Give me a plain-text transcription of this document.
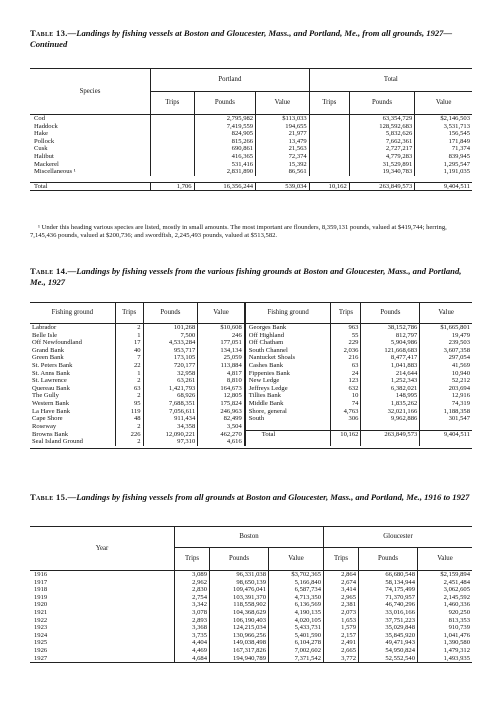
Table 13.—Landings by fishing vessels at Boston and Gloucester, Mass., and Portland, Me., from all grounds, 1927—Continued
Species	Portland			Total		
	Trips	Pounds	Value	Trips	Pounds	Value
Cod		2,795,982	$113,033		63,354,729	$2,146,503
Haddock		7,419,559	194,655		128,592,683	3,531,713
Hake		824,905	21,977		5,832,626	156,545
Pollock		815,266	13,479		7,662,361	171,849
Cusk		690,861	21,563		2,727,217	71,374
Halibut		416,365	72,374		4,779,283	839,945
Mackerel		531,416	15,392		31,529,891	1,295,547
Miscellaneous ¹		2,831,890	86,561		19,340,783	1,191,035

Total	1,706	16,356,244	539,034	10,162	263,849,573	9,404,511
¹ Under this heading various species are listed, mostly in small amounts. The most important are flounders, 8,359,131 pounds, valued at $419,744; herring, 7,145,436 pounds, valued at $200,736; and swordfish, 2,245,493 pounds, valued at $513,582.
Table 14.—Landings by fishing vessels from the various fishing grounds at Boston and Gloucester, Mass., and Portland, Me., 1927
Fishing ground	Trips	Pounds	Value	Fishing ground	Trips	Pounds	Value
Labrador	2	101,268	$10,608	Georges Bank	963	38,152,786	$1,665,801
Belle Isle	1	7,500	246	Off Highland	55	812,797	19,479
Off Newfoundland	17	4,533,284	177,051	Off Chatham	229	5,904,986	239,503
Grand Bank	40	953,717	134,134	South Channel	2,036	121,668,683	3,607,358
Green Bank	7	173,105	25,059	Nantucket Shoals	216	8,477,417	297,054
St. Peters Bank	22	720,177	113,884	Cashes Bank	63	1,041,883	41,569
St. Anns Bank	1	32,958	4,817	Fippenies Bank	24	214,644	10,940
St. Lawrence	2	63,261	8,810	New Ledge	123	1,252,343	52,212
Quereau Bank	63	1,421,793	164,673	Jeffreys Ledge	632	6,382,021	203,694
The Gully	2	68,926	12,805	Tillies Bank	10	148,995	12,916
Western Bank	95	7,688,351	175,824	Middle Bank	74	1,835,262	74,319
La Have Bank	119	7,056,611	246,963	Shore, general	4,763	32,021,166	1,188,358
Cape Shore	48	911,434	82,499	South	306	9,962,886	301,547
Roseway	2	34,358	3,504				
Browns Bank	226	12,090,221	462,270	Total	10,162	263,849,573	9,404,511
Seal Island Ground	2	97,310	4,616				

Table 15.—Landings by fishing vessels from all grounds at Boston and Gloucester, Mass., and Portland, Me., 1916 to 1927
Year	Boston			Gloucester		
	Trips	Pounds	Value	Trips	Pounds	Value
1916	3,089	96,331,038	$3,702,365	2,864	66,680,548	$2,159,894
1917	2,962	98,650,139	5,166,840	2,674	58,134,944	2,451,484
1918	2,830	109,476,041	6,587,734	3,414	74,175,499	3,062,605
1919	2,754	103,391,370	4,713,350	2,965	71,370,957	2,145,592
1920	3,342	118,558,902	6,136,569	2,381	46,740,296	1,460,336
1921	3,078	104,368,629	4,190,135	2,073	33,016,166	920,250
1922	2,893	106,190,403	4,020,105	1,653	37,751,223	813,353
1923	3,368	124,215,034	5,433,731	1,579	35,029,848	910,739
1924	3,735	130,966,256	5,401,590	2,157	35,845,920	1,041,476
1925	4,404	149,038,498	6,104,278	2,491	49,471,943	1,390,580
1926	4,469	167,317,826	7,002,602	2,665	54,950,824	1,479,312
1927	4,684	194,940,789	7,371,542	3,772	52,552,540	1,493,935
